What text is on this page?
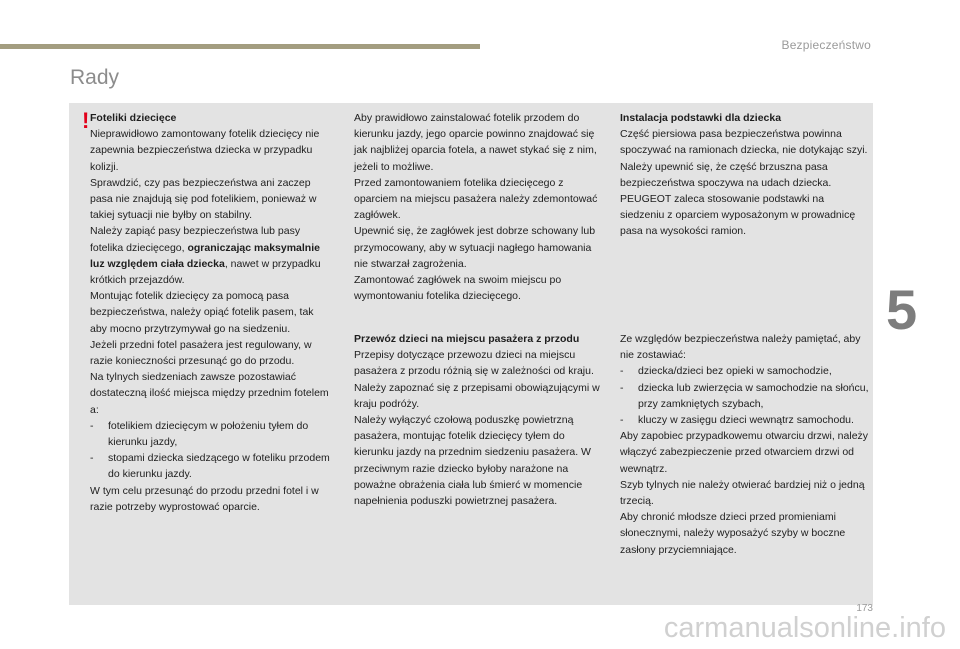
Bezpieczeństwo
Rady
5
! Foteliki dziecięce

Nieprawidłowo zamontowany fotelik dziecięcy nie zapewnia bezpieczeństwa dziecka w przypadku kolizji.

Sprawdzić, czy pas bezpieczeństwa ani zaczep pasa nie znajdują się pod fotelikiem, ponieważ w takiej sytuacji nie byłby on stabilny.

Należy zapiąć pasy bezpieczeństwa lub pasy fotelika dziecięcego, ograniczając maksymalnie luz względem ciała dziecka, nawet w przypadku krótkich przejazdów.

Montując fotelik dziecięcy za pomocą pasa bezpieczeństwa, należy opiąć fotelik pasem, tak aby mocno przytrzymywał go na siedzeniu.

Jeżeli przedni fotel pasażera jest regulowany, w razie konieczności przesunąć go do przodu.

Na tylnych siedzeniach zawsze pozostawiać dostateczną ilość miejsca między przednim fotelem a:

-	fotelikiem dziecięcym w położeniu tyłem do kierunku jazdy,
-	stopami dziecka siedzącego w foteliku przodem do kierunku jazdy.

W tym celu przesunąć do przodu przedni fotel i w razie potrzeby wyprostować oparcie.

Aby prawidłowo zainstalować fotelik przodem do kierunku jazdy, jego oparcie powinno znajdować się jak najbliżej oparcia fotela, a nawet stykać się z nim, jeżeli to możliwe.

Przed zamontowaniem fotelika dziecięcego z oparciem na miejscu pasażera należy zdemontować zagłówek.

Upewnić się, że zagłówek jest dobrze schowany lub przymocowany, aby w sytuacji nagłego hamowania nie stwarzał zagrożenia.

Zamontować zagłówek na swoim miejscu po wymontowaniu fotelika dziecięcego.

Instalacja podstawki dla dziecka

Część piersiowa pasa bezpieczeństwa powinna spoczywać na ramionach dziecka, nie dotykając szyi.

Należy upewnić się, że część brzuszna pasa bezpieczeństwa spoczywa na udach dziecka.

PEUGEOT zaleca stosowanie podstawki na siedzeniu z oparciem wyposażonym w prowadnicę pasa na wysokości ramion.

Przewóz dzieci na miejscu pasażera z przodu

Przepisy dotyczące przewozu dzieci na miejscu pasażera z przodu różnią się w zależności od kraju. Należy zapoznać się z przepisami obowiązującymi w kraju podróży.

Należy wyłączyć czołową poduszkę powietrzną pasażera, montując fotelik dziecięcy tyłem do kierunku jazdy na przednim siedzeniu pasażera. W przeciwnym razie dziecko byłoby narażone na poważne obrażenia ciała lub śmierć w momencie napełnienia poduszki powietrznej pasażera.

Ze względów bezpieczeństwa należy pamiętać, aby nie zostawiać:

-	dziecka/dzieci bez opieki w samochodzie,
-	dziecka lub zwierzęcia w samochodzie na słońcu, przy zamkniętych szybach,
-	kluczy w zasięgu dzieci wewnątrz samochodu.

Aby zapobiec przypadkowemu otwarciu drzwi, należy włączyć zabezpieczenie przed otwarciem drzwi od wewnątrz.

Szyb tylnych nie należy otwierać bardziej niż o jedną trzecią.

Aby chronić młodsze dzieci przed promieniami słonecznymi, należy wyposażyć szyby w boczne zasłony przyciemniające.

173
carmanualsonline.info
